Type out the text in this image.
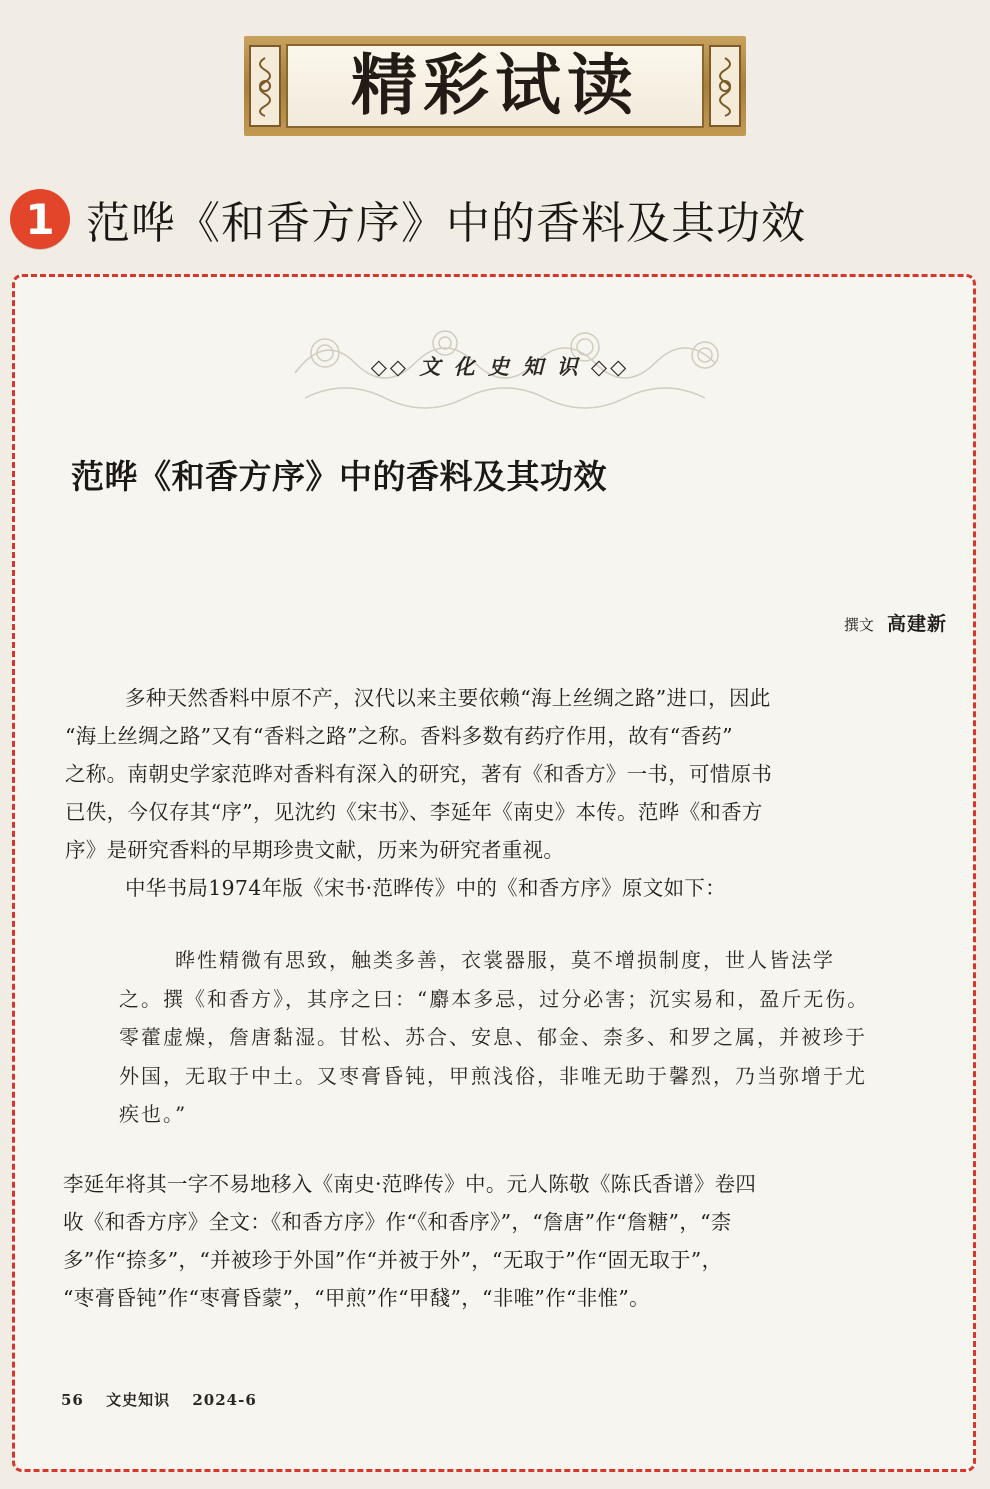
精彩试读
1 范哗《和香方序》中的香料及其功效
◇◇ 文 化 史 知 识 ◇◇
范晔《和香方序》中的香料及其功效
撰文 高建新
多种天然香料中原不产，汉代以来主要依赖“海上丝绸之路”进口，因此
“海上丝绸之路”又有“香料之路”之称。香料多数有药疗作用，故有“香药”
之称。南朝史学家范晔对香料有深入的研究，著有《和香方》一书，可惜原书
已佚，今仅存其“序”，见沈约《宋书》、李延年《南史》本传。范晔《和香方
序》是研究香料的早期珍贵文献，历来为研究者重视。
中华书局1974年版《宋书·范晔传》中的《和香方序》原文如下：
晔性精微有思致，触类多善，衣裳器服，莫不增损制度，世人皆法学
之。撰《和香方》，其序之曰：“麝本多忌，过分必害；沉实易和，盈斤无伤。
零藿虚燥，詹唐黏湿。甘松、苏合、安息、郁金、柰多、和罗之属，并被珍于
外国，无取于中土。又枣膏昏钝，甲煎浅俗，非唯无助于馨烈，乃当弥增于尤
疾也。”
李延年将其一字不易地移入《南史·范晔传》中。元人陈敬《陈氏香谱》卷四
收《和香方序》全文：《和香方序》作“《和香序》”，“詹唐”作“詹糖”，“柰
多”作“捺多”，“并被珍于外国”作“并被于外”，“无取于”作“固无取于”，
“枣膏昏钝”作“枣膏昏蒙”，“甲煎”作“甲馢”，“非唯”作“非惟”。
56 文史知识 2024-6
